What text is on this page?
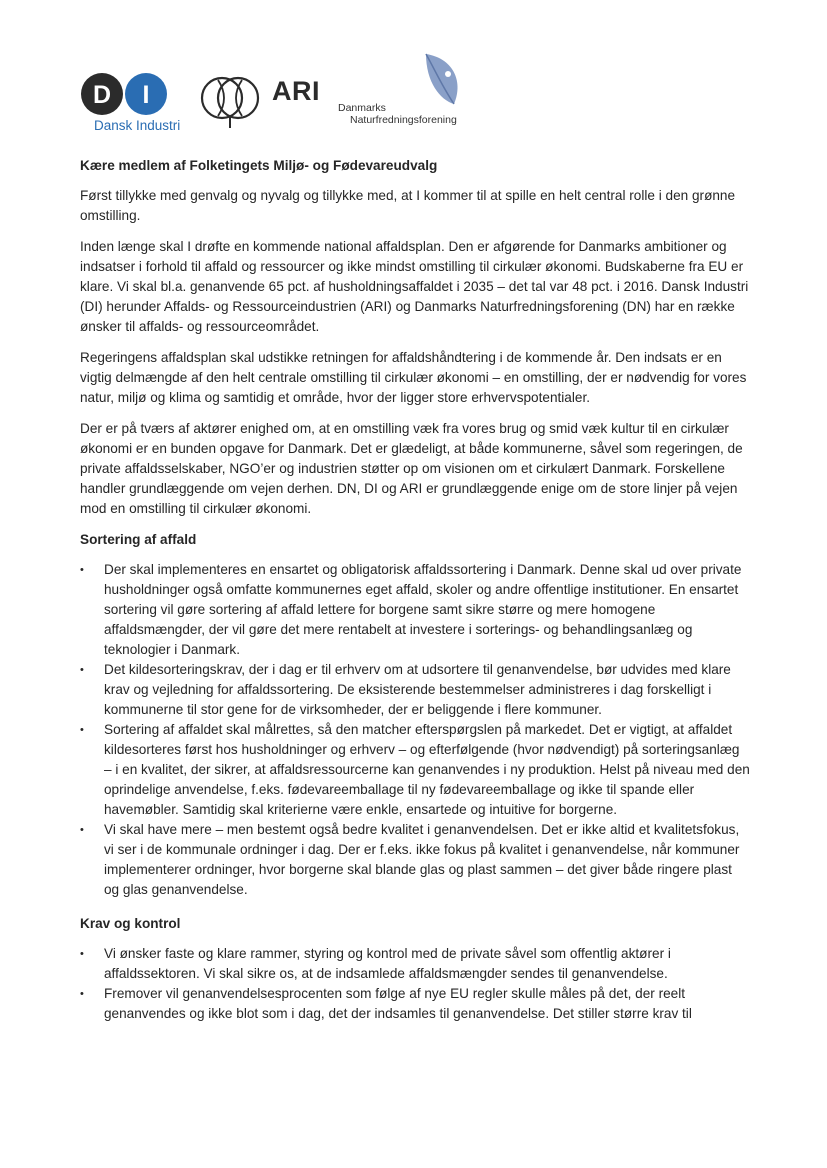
D I
Dansk Industri
ARI
Danmarks
Naturfredningsforening
Kære medlem af Folketingets Miljø- og Fødevareudvalg

Først tillykke med genvalg og nyvalg og tillykke med, at I kommer til at spille en helt central rolle i den grønne omstilling.

Inden længe skal I drøfte en kommende national affaldsplan. Den er afgørende for Danmarks ambitioner og indsatser i forhold til affald og ressourcer og ikke mindst omstilling til cirkulær økonomi. Budskaberne fra EU er klare. Vi skal bl.a. genanvende 65 pct. af husholdningsaffaldet i 2035 – det tal var 48 pct. i 2016. Dansk Industri (DI) herunder Affalds- og Ressourceindustrien (ARI) og Danmarks Naturfredningsforening (DN) har en række ønsker til affalds- og ressourceområdet.

Regeringens affaldsplan skal udstikke retningen for affaldshåndtering i de kommende år. Den indsats er en vigtig delmængde af den helt centrale omstilling til cirkulær økonomi – en omstilling, der er nødvendig for vores natur, miljø og klima og samtidig et område, hvor der ligger store erhvervspotentialer.

Der er på tværs af aktører enighed om, at en omstilling væk fra vores brug og smid væk kultur til en cirkulær økonomi er en bunden opgave for Danmark. Det er glædeligt, at både kommunerne, såvel som regeringen, de private affaldsselskaber, NGO’er og industrien støtter op om visionen om et cirkulært Danmark. Forskellene handler grundlæggende om vejen derhen. DN, DI og ARI er grundlæggende enige om de store linjer på vejen mod en omstilling til cirkulær økonomi.

Sortering af affald
• Der skal implementeres en ensartet og obligatorisk affaldssortering i Danmark. Denne skal ud over private husholdninger også omfatte kommunernes eget affald, skoler og andre offentlige institutioner. En ensartet sortering vil gøre sortering af affald lettere for borgene samt sikre større og mere homogene affaldsmængder, der vil gøre det mere rentabelt at investere i sorterings- og behandlingsanlæg og teknologier i Danmark.
• Det kildesorteringskrav, der i dag er til erhverv om at udsortere til genanvendelse, bør udvides med klare krav og vejledning for affaldssortering. De eksisterende bestemmelser administreres i dag forskelligt i kommunerne til stor gene for de virksomheder, der er beliggende i flere kommuner.
• Sortering af affaldet skal målrettes, så den matcher efterspørgslen på markedet. Det er vigtigt, at affaldet kildesorteres først hos husholdninger og erhverv – og efterfølgende (hvor nødvendigt) på sorteringsanlæg – i en kvalitet, der sikrer, at affaldsressourcerne kan genanvendes i ny produktion. Helst på niveau med den oprindelige anvendelse, f.eks. fødevareemballage til ny fødevareemballage og ikke til spande eller havemøbler. Samtidig skal kriterierne være enkle, ensartede og intuitive for borgerne.
• Vi skal have mere – men bestemt også bedre kvalitet i genanvendelsen. Det er ikke altid et kvalitetsfokus, vi ser i de kommunale ordninger i dag. Der er f.eks. ikke fokus på kvalitet i genanvendelse, når kommuner implementerer ordninger, hvor borgerne skal blande glas og plast sammen – det giver både ringere plast og glas genanvendelse.
Krav og kontrol
• Vi ønsker faste og klare rammer, styring og kontrol med de private såvel som offentlig aktører i affaldssektoren. Vi skal sikre os, at de indsamlede affaldsmængder sendes til genanvendelse.
• Fremover vil genanvendelsesprocenten som følge af nye EU regler skulle måles på det, der reelt genanvendes og ikke blot som i dag, det der indsamles til genanvendelse. Det stiller større krav til
